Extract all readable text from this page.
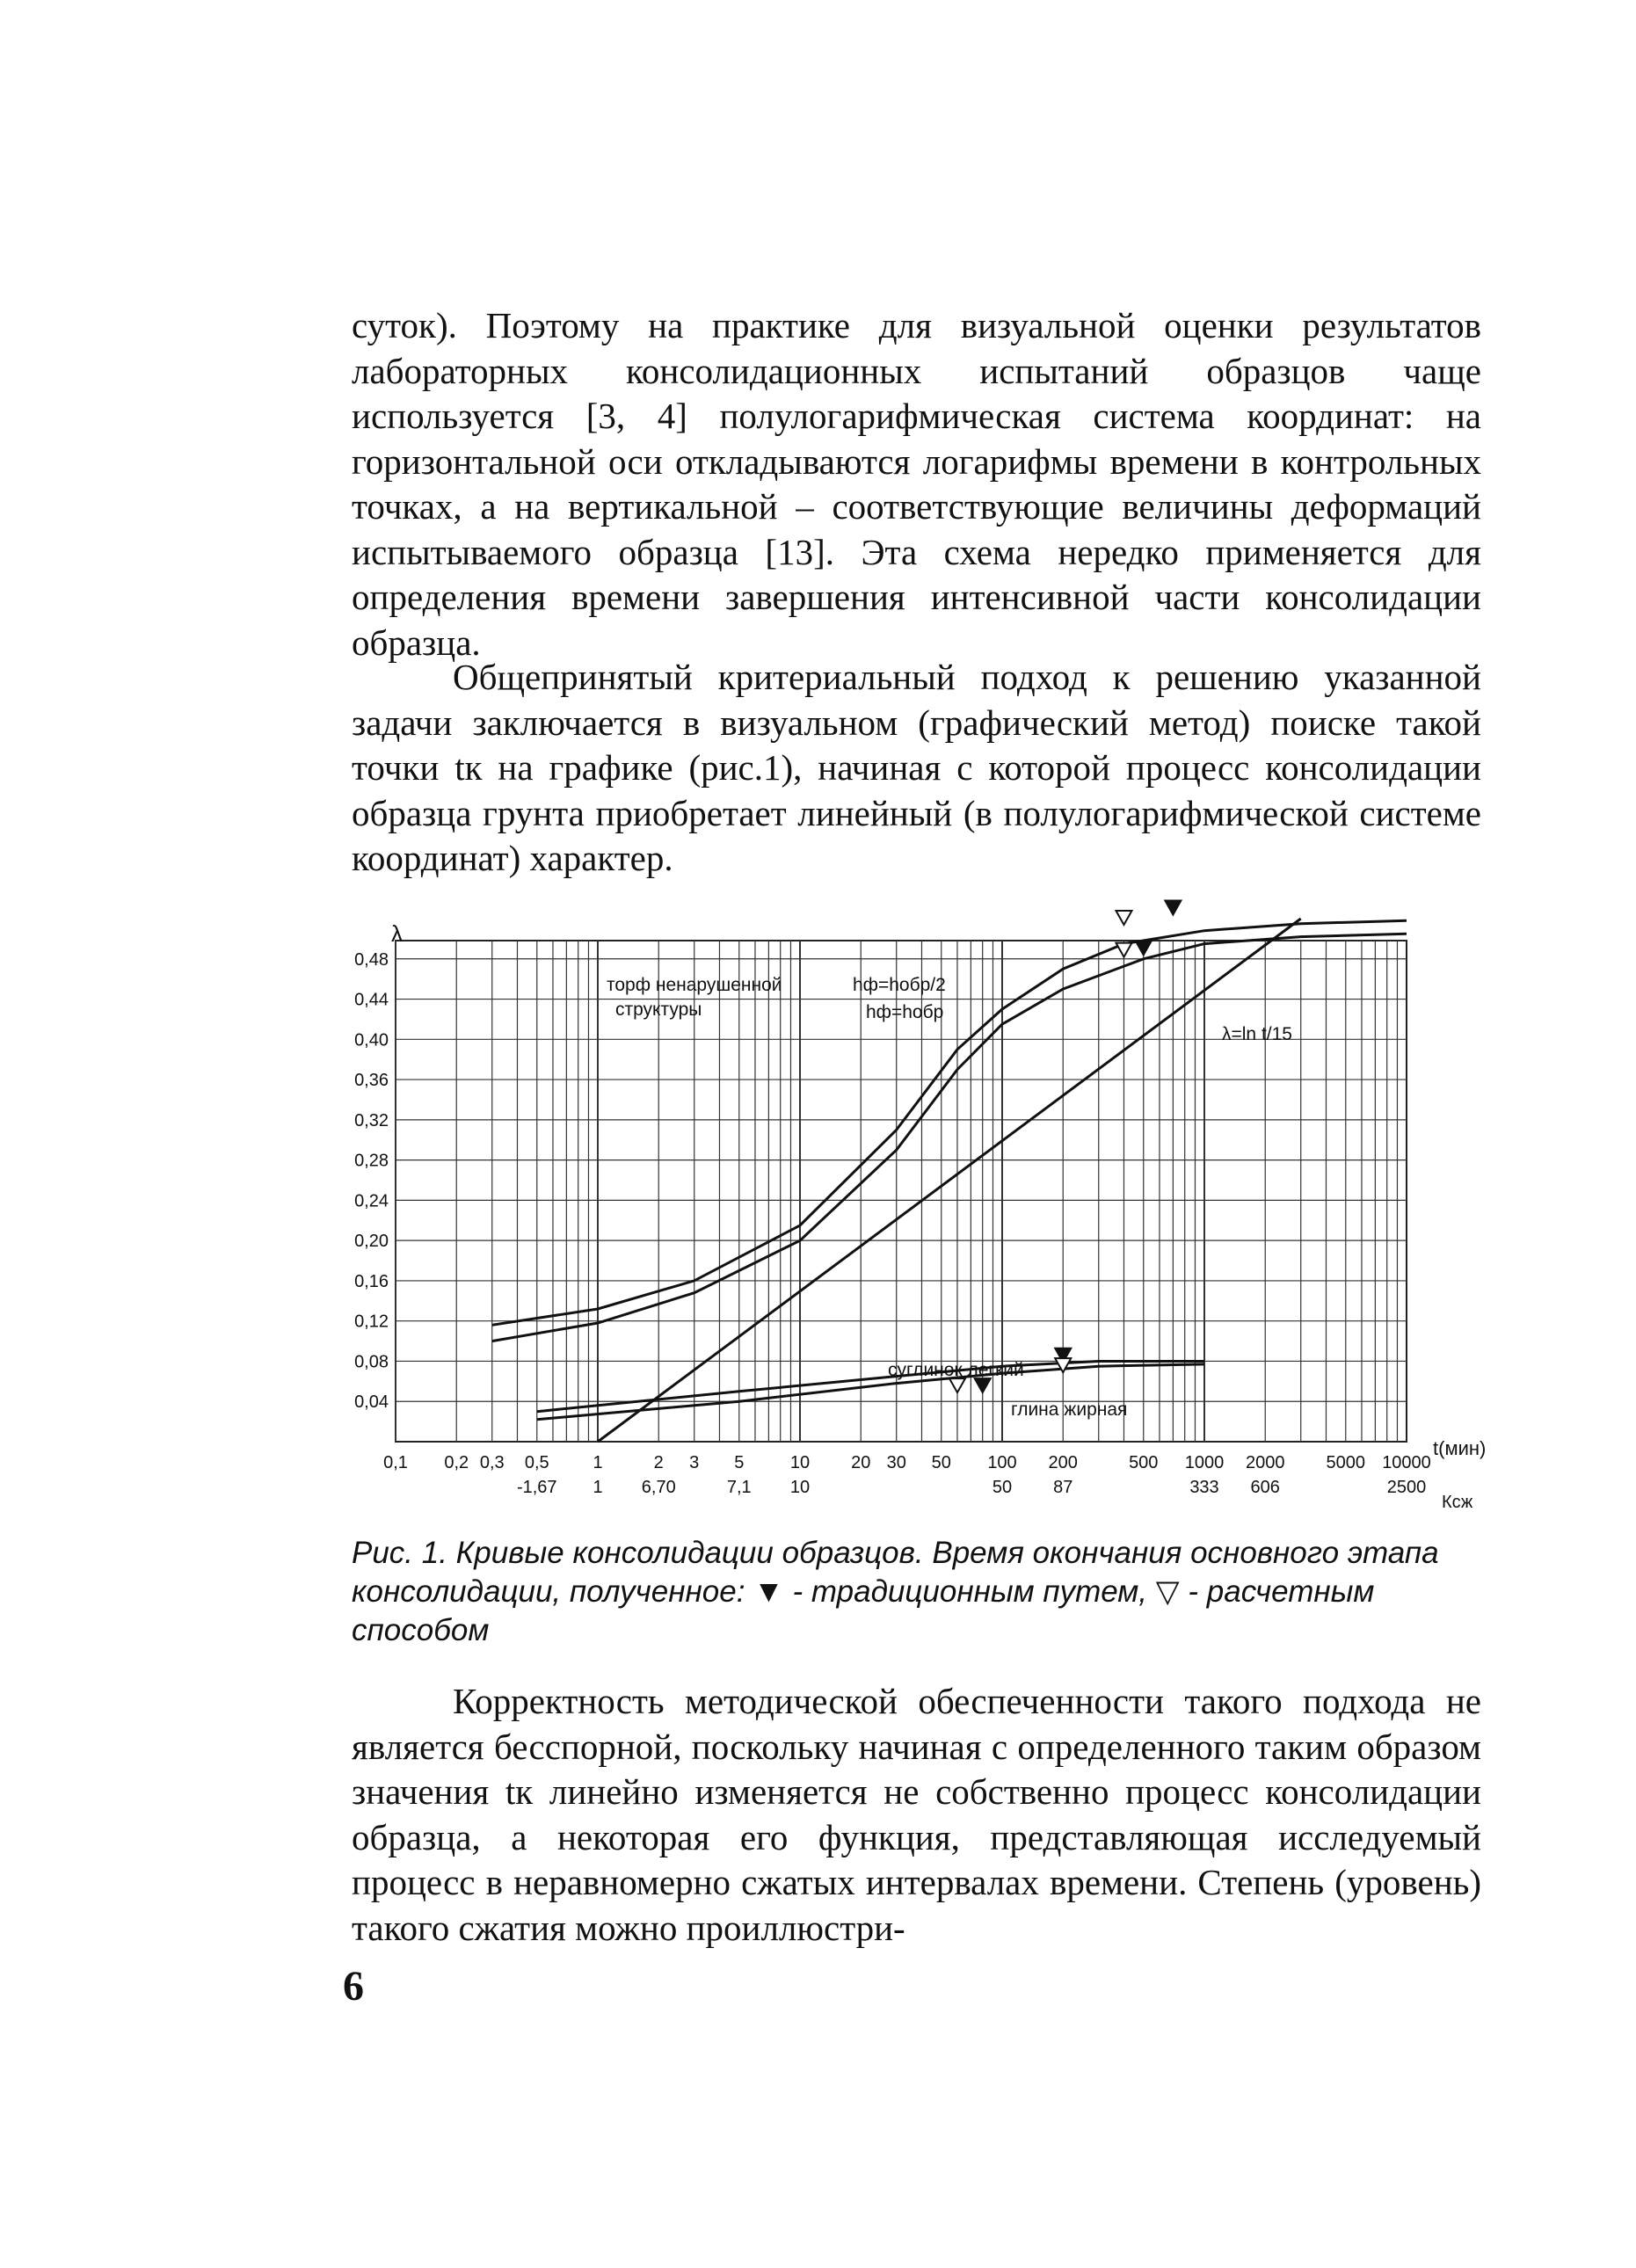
суток). Поэтому на практике для визуальной оценки результатов лабораторных консолидационных испытаний образцов чаще используется [3, 4] полулогарифмическая система координат: на горизонтальной оси откладываются логарифмы времени в контрольных точках, а на вертикальной – соответствующие величины деформаций испытываемого образца [13]. Эта схема нередко применяется для определения времени завершения интенсивной части консолидации образца.
Общепринятый критериальный подход к решению указанной задачи заключается в визуальном (графический метод) поиске такой точки tк на графике (рис.1), начиная с которой процесс консолидации образца грунта приобретает линейный (в полулогарифмической системе координат) характер.
0,04
0,08
0,12
0,16
0,20
0,24
0,28
0,32
0,36
0,40
0,44
0,48
0,1 0,2 0,3 0,5 1	2 3 5	10 20 30 50 100 200	500 1000 2000 5000 10000
-1,67 1 6,70	7,1 10	50 87	333 606	2500
торф ненарушенной
структуры
hф=hобр/2
hф=hобр
λ=ln t/15
суглинок легкий
глина жирная
λ
t(мин)
Ксж
Рис. 1. Кривые консолидации образцов. Время окончания основного этапа консолидации, полученное: ▼ - традиционным путем, ▽ - расчетным способом
Корректность методической обеспеченности такого подхода не является бесспорной, поскольку начиная с определенного таким образом значения tк линейно изменяется не собственно процесс консолидации образца, а некоторая его функция, представляющая исследуемый процесс в неравномерно сжатых интервалах времени. Степень (уровень) такого сжатия можно проиллюстри-
6
